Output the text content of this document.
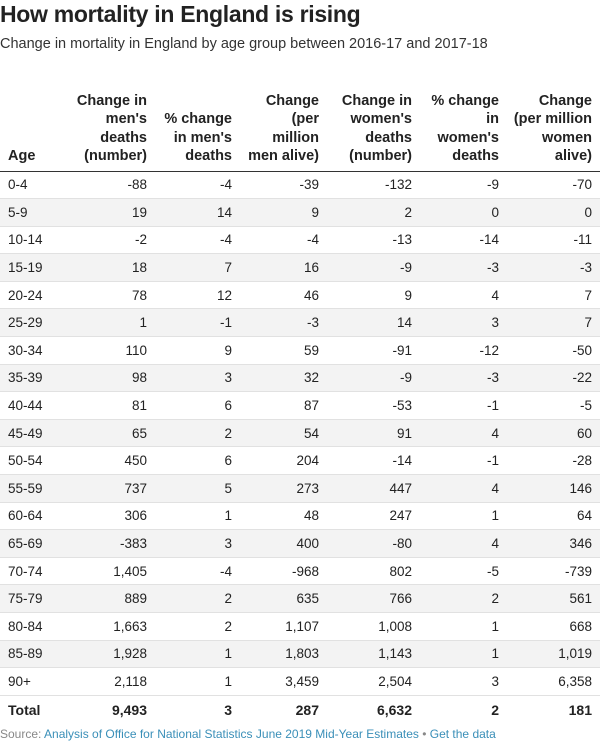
How mortality in England is rising

Change in mortality in England by age group between 2016-17 and 2017-18

Age	Change in men's deaths (number)	% change in men's deaths	Change (per million men alive)	Change in women's deaths (number)	% change in women's deaths	Change (per million women alive)
0-4	-88	-4	-39	-132	-9	-70
5-9	19	14	9	2	0	0
10-14	-2	-4	-4	-13	-14	-11
15-19	18	7	16	-9	-3	-3
20-24	78	12	46	9	4	7
25-29	1	-1	-3	14	3	7
30-34	110	9	59	-91	-12	-50
35-39	98	3	32	-9	-3	-22
40-44	81	6	87	-53	-1	-5
45-49	65	2	54	91	4	60
50-54	450	6	204	-14	-1	-28
55-59	737	5	273	447	4	146
60-64	306	1	48	247	1	64
65-69	-383	3	400	-80	4	346
70-74	1,405	-4	-968	802	-5	-739
75-79	889	2	635	766	2	561
80-84	1,663	2	1,107	1,008	1	668
85-89	1,928	1	1,803	1,143	1	1,019
90+	2,118	1	3,459	2,504	3	6,358
Total	9,493	3	287	6,632	2	181
Source: Analysis of Office for National Statistics June 2019 Mid-Year Estimates • Get the data
